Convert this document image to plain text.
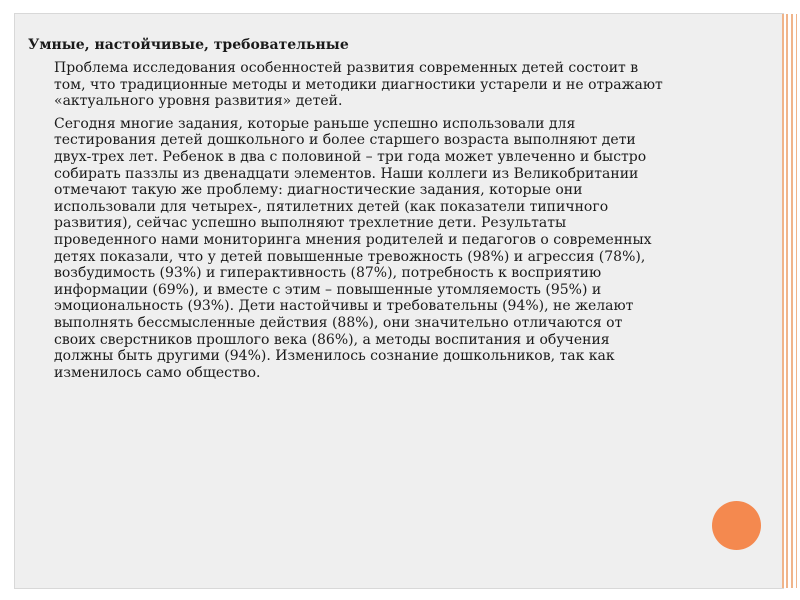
Умные, настойчивые, требовательные
Проблема исследования особенностей развития современных детей состоит в том, что традиционные методы и методики диагностики устарели и не отражают «актуального уровня развития» детей.
Сегодня многие задания, которые раньше успешно использовали для тестирования детей дошкольного и более старшего возраста выполняют дети двух-трех лет. Ребенок в два с половиной – три года может увлеченно и быстро собирать паззлы из двенадцати элементов. Наши коллеги из Великобритании отмечают такую же проблему: диагностические задания, которые они использовали для четырех-, пятилетних детей (как показатели типичного развития), сейчас успешно выполняют трехлетние дети. Результаты проведенного нами мониторинга мнения родителей и педагогов о современных детях показали, что у детей повышенные тревожность (98%) и агрессия (78%), возбудимость (93%) и гиперактивность (87%), потребность к восприятию информации (69%), и вместе с этим – повышенные утомляемость (95%) и эмоциональность (93%). Дети настойчивы и требовательны (94%), не желают выполнять бессмысленные действия (88%), они значительно отличаются от своих сверстников прошлого века (86%), а методы воспитания и обучения должны быть другими (94%). Изменилось сознание дошкольников, так как изменилось само общество.
